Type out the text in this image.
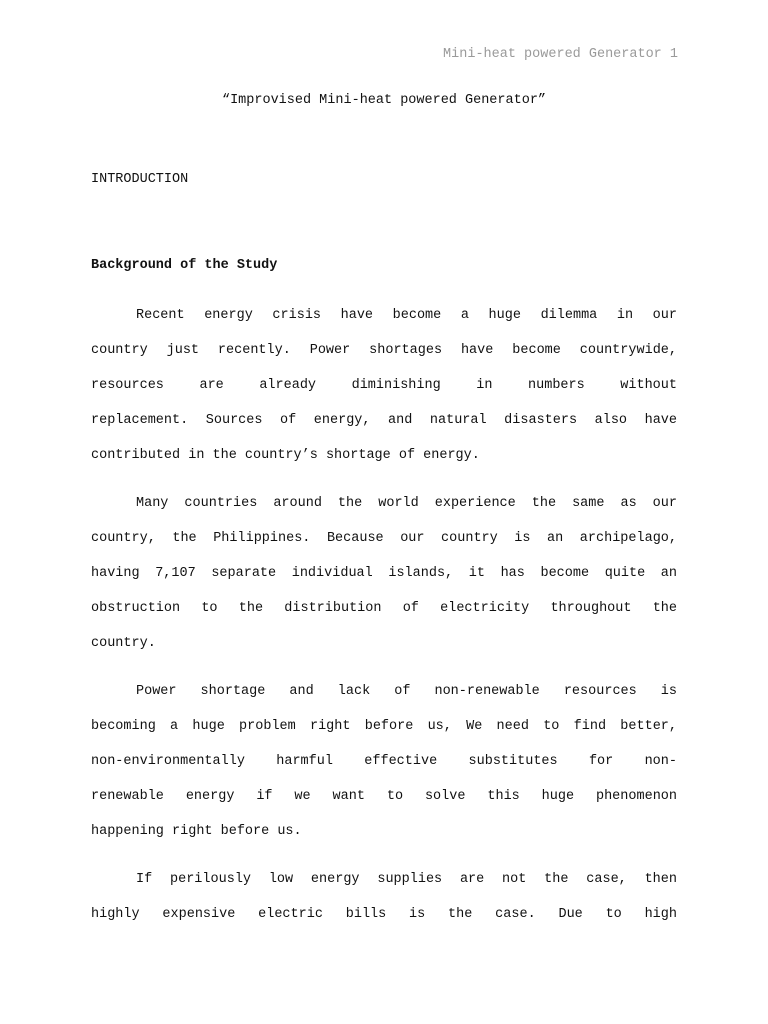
Mini-heat powered Generator 1
“Improvised Mini-heat powered Generator”
INTRODUCTION
Background of the Study
Recent energy crisis have become a huge dilemma in our
country just recently. Power shortages have become countrywide,
resources are already diminishing in numbers without
replacement. Sources of energy, and natural disasters also have
contributed in the country’s shortage of energy.
Many countries around the world experience the same as our
country, the Philippines. Because our country is an archipelago,
having 7,107 separate individual islands, it has become quite an
obstruction to the distribution of electricity throughout the
country.
Power shortage and lack of non-renewable resources is
becoming a huge problem right before us, We need to find better,
non-environmentally harmful effective substitutes for non-
renewable energy if we want to solve this huge phenomenon
happening right before us.
If perilously low energy supplies are not the case, then
highly expensive electric bills is the case. Due to high
